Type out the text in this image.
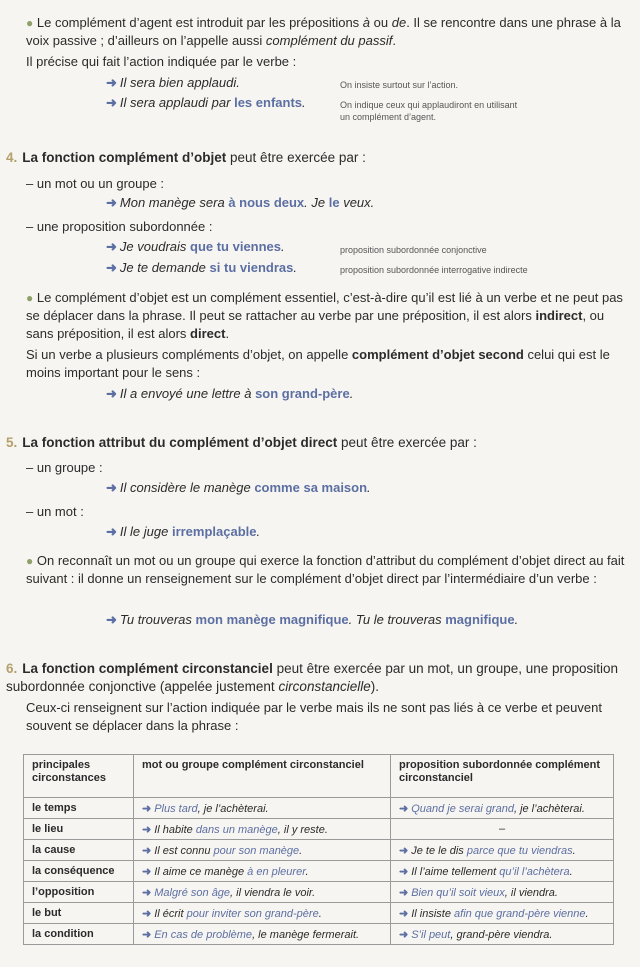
● Le complément d’agent est introduit par les prépositions à ou de. Il se rencontre dans une phrase à la voix passive ; d’ailleurs on l’appelle aussi complément du passif.
Il précise qui fait l’action indiquée par le verbe :
➜ Il sera bien applaudi.	On insiste surtout sur l’action.
➜ Il sera applaudi par les enfants.	On indique ceux qui applaudiront en utilisant un complément d’agent.
4. La fonction complément d’objet peut être exercée par :
– un mot ou un groupe :
➜ Mon manège sera à nous deux. Je le veux.
– une proposition subordonnée :
➜ Je voudrais que tu viennes.	proposition subordonnée conjonctive
➜ Je te demande si tu viendras.	proposition subordonnée interrogative indirecte
● Le complément d’objet est un complément essentiel, c’est-à-dire qu’il est lié à un verbe et ne peut pas se déplacer dans la phrase. Il peut se rattacher au verbe par une préposition, il est alors indirect, ou sans préposition, il est alors direct.
Si un verbe a plusieurs compléments d’objet, on appelle complément d’objet second celui qui est le moins important pour le sens :
➜ Il a envoyé une lettre à son grand-père.
5. La fonction attribut du complément d’objet direct peut être exercée par :
– un groupe :
➜ Il considère le manège comme sa maison.
– un mot :
➜ Il le juge irremplaçable.
● On reconnaît un mot ou un groupe qui exerce la fonction d’attribut du complément d’objet direct au fait suivant : il donne un renseignement sur le complément d’objet direct par l’intermédiaire d’un verbe :
➜ Tu trouveras mon manège magnifique. Tu le trouveras magnifique.
6. La fonction complément circonstanciel peut être exercée par un mot, un groupe, une proposition subordonnée conjonctive (appelée justement circonstancielle).
Ceux-ci renseignent sur l’action indiquée par le verbe mais ils ne sont pas liés à ce verbe et peuvent souvent se déplacer dans la phrase :
principales circonstances	mot ou groupe complément circonstanciel	proposition subordonnée complément circonstanciel
le temps	➜ Plus tard, je l’achèterai.	➜ Quand je serai grand, je l’achèterai.
le lieu	➜ Il habite dans un manège, il y reste.	–
la cause	➜ Il est connu pour son manège.	➜ Je te le dis parce que tu viendras.
la conséquence	➜ Il aime ce manège à en pleurer.	➜ Il l’aime tellement qu’il l’achètera.
l’opposition	➜ Malgré son âge, il viendra le voir.	➜ Bien qu’il soit vieux, il viendra.
le but	➜ Il écrit pour inviter son grand-père.	➜ Il insiste afin que grand-père vienne.
la condition	➜ En cas de problème, le manège fermerait.	➜ S’il peut, grand-père viendra.
